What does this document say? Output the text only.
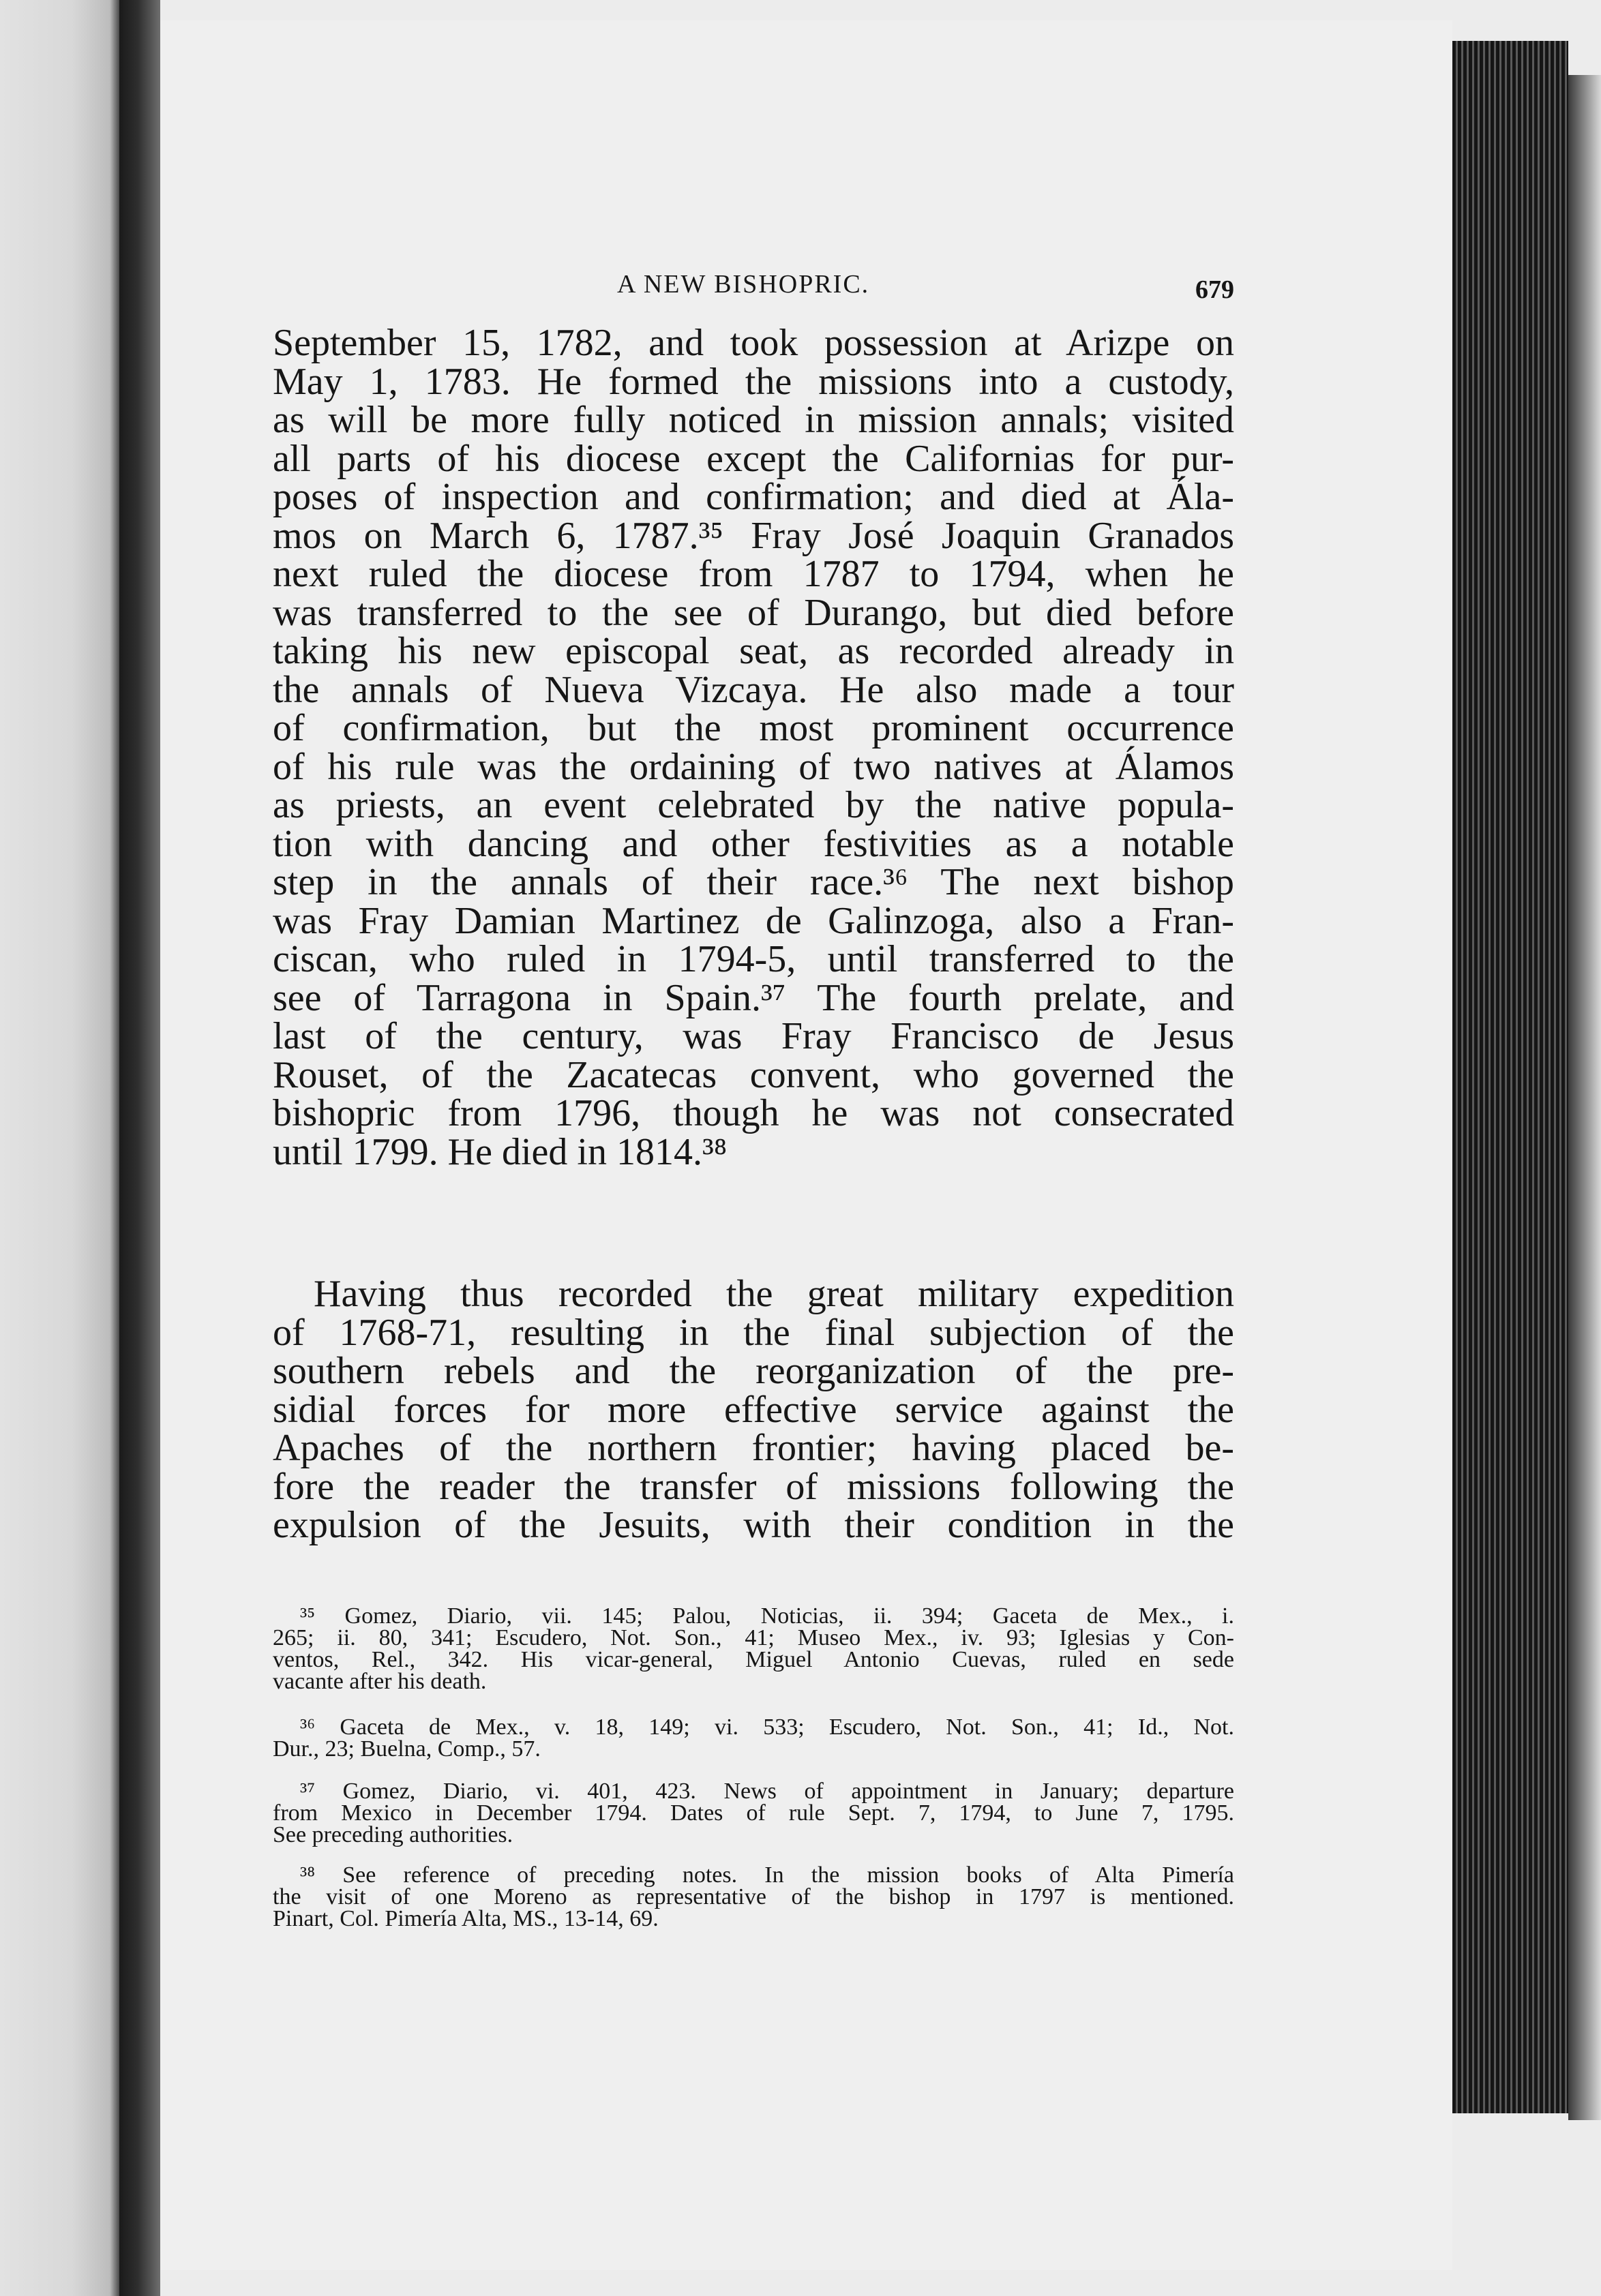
A NEW BISHOPRIC.	679
September 15, 1782, and took possession at Arizpe on
May 1, 1783. He formed the missions into a custody,
as will be more fully noticed in mission annals; visited
all parts of his diocese except the Californias for pur-
poses of inspection and confirmation; and died at Ála-
mos on March 6, 1787.³⁵ Fray José Joaquin Granados
next ruled the diocese from 1787 to 1794, when he
was transferred to the see of Durango, but died before
taking his new episcopal seat, as recorded already in
the annals of Nueva Vizcaya. He also made a tour
of confirmation, but the most prominent occurrence
of his rule was the ordaining of two natives at Álamos
as priests, an event celebrated by the native popula-
tion with dancing and other festivities as a notable
step in the annals of their race.³⁶ The next bishop
was Fray Damian Martinez de Galinzoga, also a Fran-
ciscan, who ruled in 1794-5, until transferred to the
see of Tarragona in Spain.³⁷ The fourth prelate, and
last of the century, was Fray Francisco de Jesus
Rouset, of the Zacatecas convent, who governed the
bishopric from 1796, though he was not consecrated
until 1799. He died in 1814.³⁸
Having thus recorded the great military expedition
of 1768-71, resulting in the final subjection of the
southern rebels and the reorganization of the pre-
sidial forces for more effective service against the
Apaches of the northern frontier; having placed be-
fore the reader the transfer of missions following the
expulsion of the Jesuits, with their condition in the
³⁵ Gomez, Diario, vii. 145; Palou, Noticias, ii. 394; Gaceta de Mex., i.
265; ii. 80, 341; Escudero, Not. Son., 41; Museo Mex., iv. 93; Iglesias y Con-
ventos, Rel., 342. His vicar-general, Miguel Antonio Cuevas, ruled en sede
vacante after his death.
³⁶ Gaceta de Mex., v. 18, 149; vi. 533; Escudero, Not. Son., 41; Id., Not.
Dur., 23; Buelna, Comp., 57.
³⁷ Gomez, Diario, vi. 401, 423. News of appointment in January; departure
from Mexico in December 1794. Dates of rule Sept. 7, 1794, to June 7, 1795.
See preceding authorities.
³⁸ See reference of preceding notes. In the mission books of Alta Pimería
the visit of one Moreno as representative of the bishop in 1797 is mentioned.
Pinart, Col. Pimería Alta, MS., 13-14, 69.
